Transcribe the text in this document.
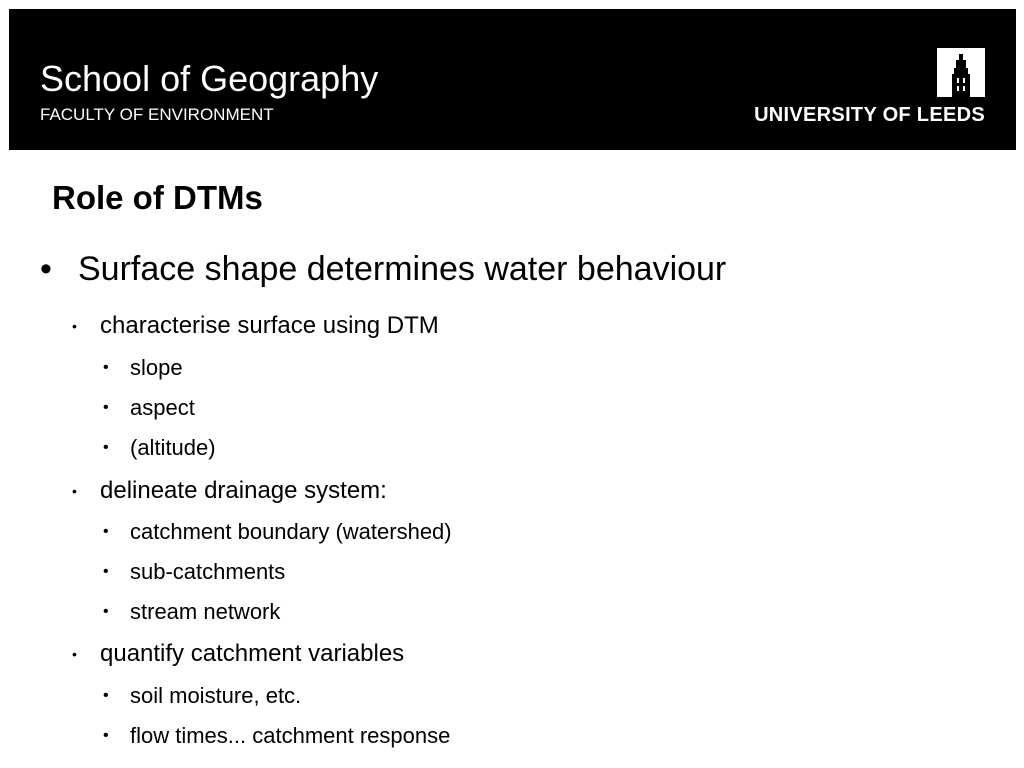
School of Geography
FACULTY OF ENVIRONMENT	UNIVERSITY OF LEEDS
Role of DTMs
• Surface shape determines water behaviour
• characterise surface using DTM
• slope
• aspect
• (altitude)
• delineate drainage system:
• catchment boundary (watershed)
• sub-catchments
• stream network
• quantify catchment variables
• soil moisture, etc.
• flow times... catchment response
